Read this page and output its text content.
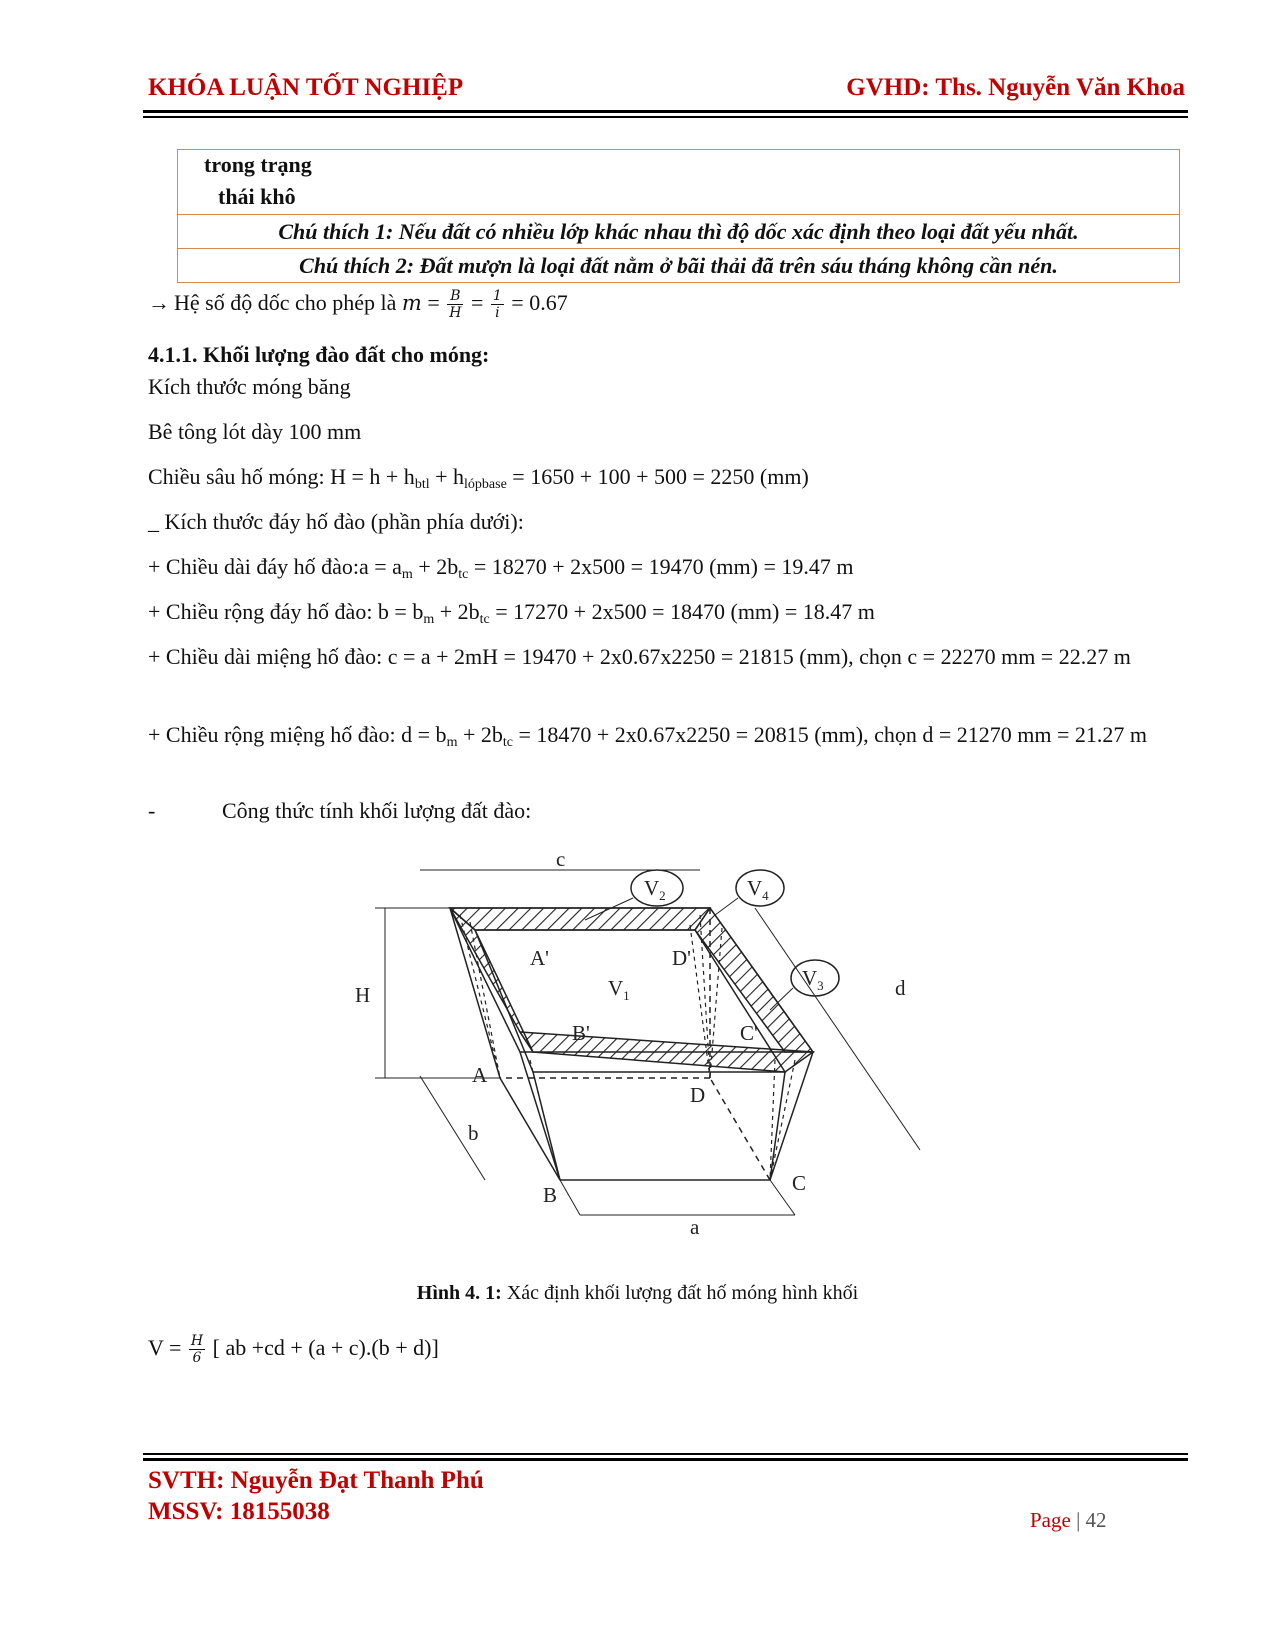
KHÓA LUẬN TỐT NGHIỆP	GVHD: Ths. Nguyễn Văn Khoa
trong trạng
thái khô
Chú thích 1: Nếu đất có nhiều lớp khác nhau thì độ dốc xác định theo loại đất yếu nhất.
Chú thích 2: Đất mượn là loại đất nằm ở bãi thải đã trên sáu tháng không cần nén.
→ Hệ số độ dốc cho phép là $m = \frac{B}{H} = \frac{1}{i} = 0.67$
4.1.1. Khối lượng đào đất cho móng:
Kích thước móng băng
Bê tông lót dày 100 mm
Chiều sâu hố móng: $H = h + h_{btl} + h_{lópbase} = 1650 + 100 + 500 = 2250$ (mm)
_ Kích thước đáy hố đào (phần phía dưới):
+ Chiều dài đáy hố đào:a = $a_m + 2b_{tc} = 18270 + 2x500 = 19470$ (mm) = 19.47 m
+ Chiều rộng đáy hố đào: $b = b_m + 2b_{tc} = 17270 + 2x500 = 18470$ (mm) = 18.47 m
+ Chiều dài miệng hố đào: c = a + 2mH = 19470 + 2x0.67x2250 = 21815 (mm), chọn c = 22270 mm = 22.27 m
+ Chiều rộng miệng hố đào: $d = b_m + 2b_{tc} = 18470 + 2x0.67x2250 = 20815$ (mm), chọn d = 21270 mm = 21.27 m
-	Công thức tính khối lượng đất đào:
c
d
H
b
a
A
B	C
D
A'
B'	C'
D'
$V_1$
$V_2$	$V_4$
$V_3$
Hình 4. 1: Xác định khối lượng đất hố móng hình khối
$V = \frac{H}{6}$ [ ab +cd + (a + c).(b + d)]
SVTH: Nguyễn Đạt Thanh Phú
MSSV: 18155038	Page | 42
